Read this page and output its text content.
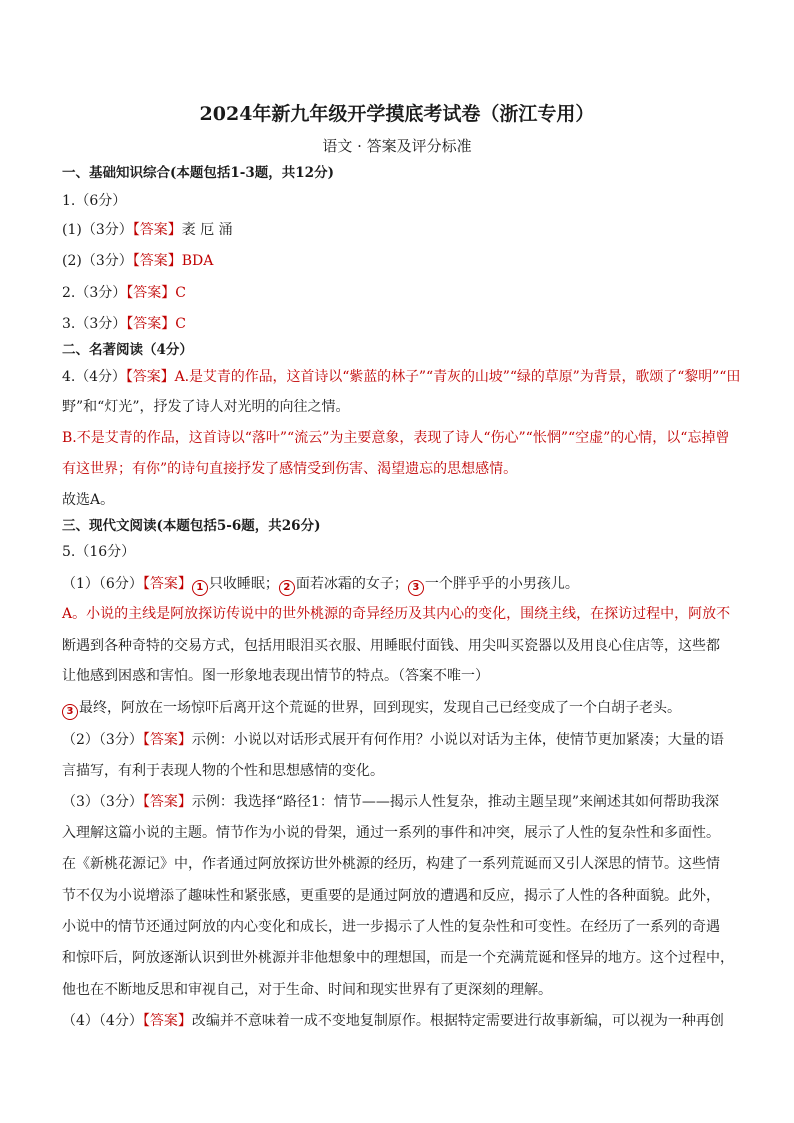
2024年新九年级开学摸底考试卷（浙江专用）
语文 · 答案及评分标准
一、基础知识综合(本题包括1-3题，共12分)
1.（6分）
(1)（3分）【答案】袤 厄 涌
(2)（3分）【答案】BDA
2.（3分）【答案】C
3.（3分）【答案】C
二、名著阅读（4分）
4.（4分）【答案】A.是艾青的作品，这首诗以“紫蓝的林子”“青灰的山坡”“绿的草原”为背景，歌颂了“黎明”“田
野”和“灯光”，抒发了诗人对光明的向往之情。
B.不是艾青的作品，这首诗以“落叶”“流云”为主要意象，表现了诗人“伤心”“怅惘”“空虚”的心情，以“忘掉曾
有这世界；有你”的诗句直接抒发了感情受到伤害、渴望遗忘的思想感情。
故选A。
三、现代文阅读(本题包括5-6题，共26分)
5.（16分）
（1）（6分）【答案】 1 只收睡眠； 2 面若冰霜的女子； 3 一个胖乎乎的小男孩儿。
A。小说的主线是阿放探访传说中的世外桃源的奇异经历及其内心的变化，围绕主线，在探访过程中，阿放不
断遇到各种奇特的交易方式，包括用眼泪买衣服、用睡眠付面钱、用尖叫买瓷器以及用良心住店等，这些都
让他感到困惑和害怕。图一形象地表现出情节的特点。（答案不唯一）
3 最终，阿放在一场惊吓后离开这个荒诞的世界，回到现实，发现自己已经变成了一个白胡子老头。
（2）（3分）【答案】示例：小说以对话形式展开有何作用？小说以对话为主体，使情节更加紧凑；大量的语
言描写，有利于表现人物的个性和思想感情的变化。
（3）（3分）【答案】示例：我选择“路径1：情节——揭示人性复杂，推动主题呈现”来阐述其如何帮助我深
入理解这篇小说的主题。情节作为小说的骨架，通过一系列的事件和冲突，展示了人性的复杂性和多面性。
在《新桃花源记》中，作者通过阿放探访世外桃源的经历，构建了一系列荒诞而又引人深思的情节。这些情
节不仅为小说增添了趣味性和紧张感，更重要的是通过阿放的遭遇和反应，揭示了人性的各种面貌。此外，
小说中的情节还通过阿放的内心变化和成长，进一步揭示了人性的复杂性和可变性。在经历了一系列的奇遇
和惊吓后，阿放逐渐认识到世外桃源并非他想象中的理想国，而是一个充满荒诞和怪异的地方。这个过程中，
他也在不断地反思和审视自己，对于生命、时间和现实世界有了更深刻的理解。
（4）（4分）【答案】改编并不意味着一成不变地复制原作。根据特定需要进行故事新编，可以视为一种再创
